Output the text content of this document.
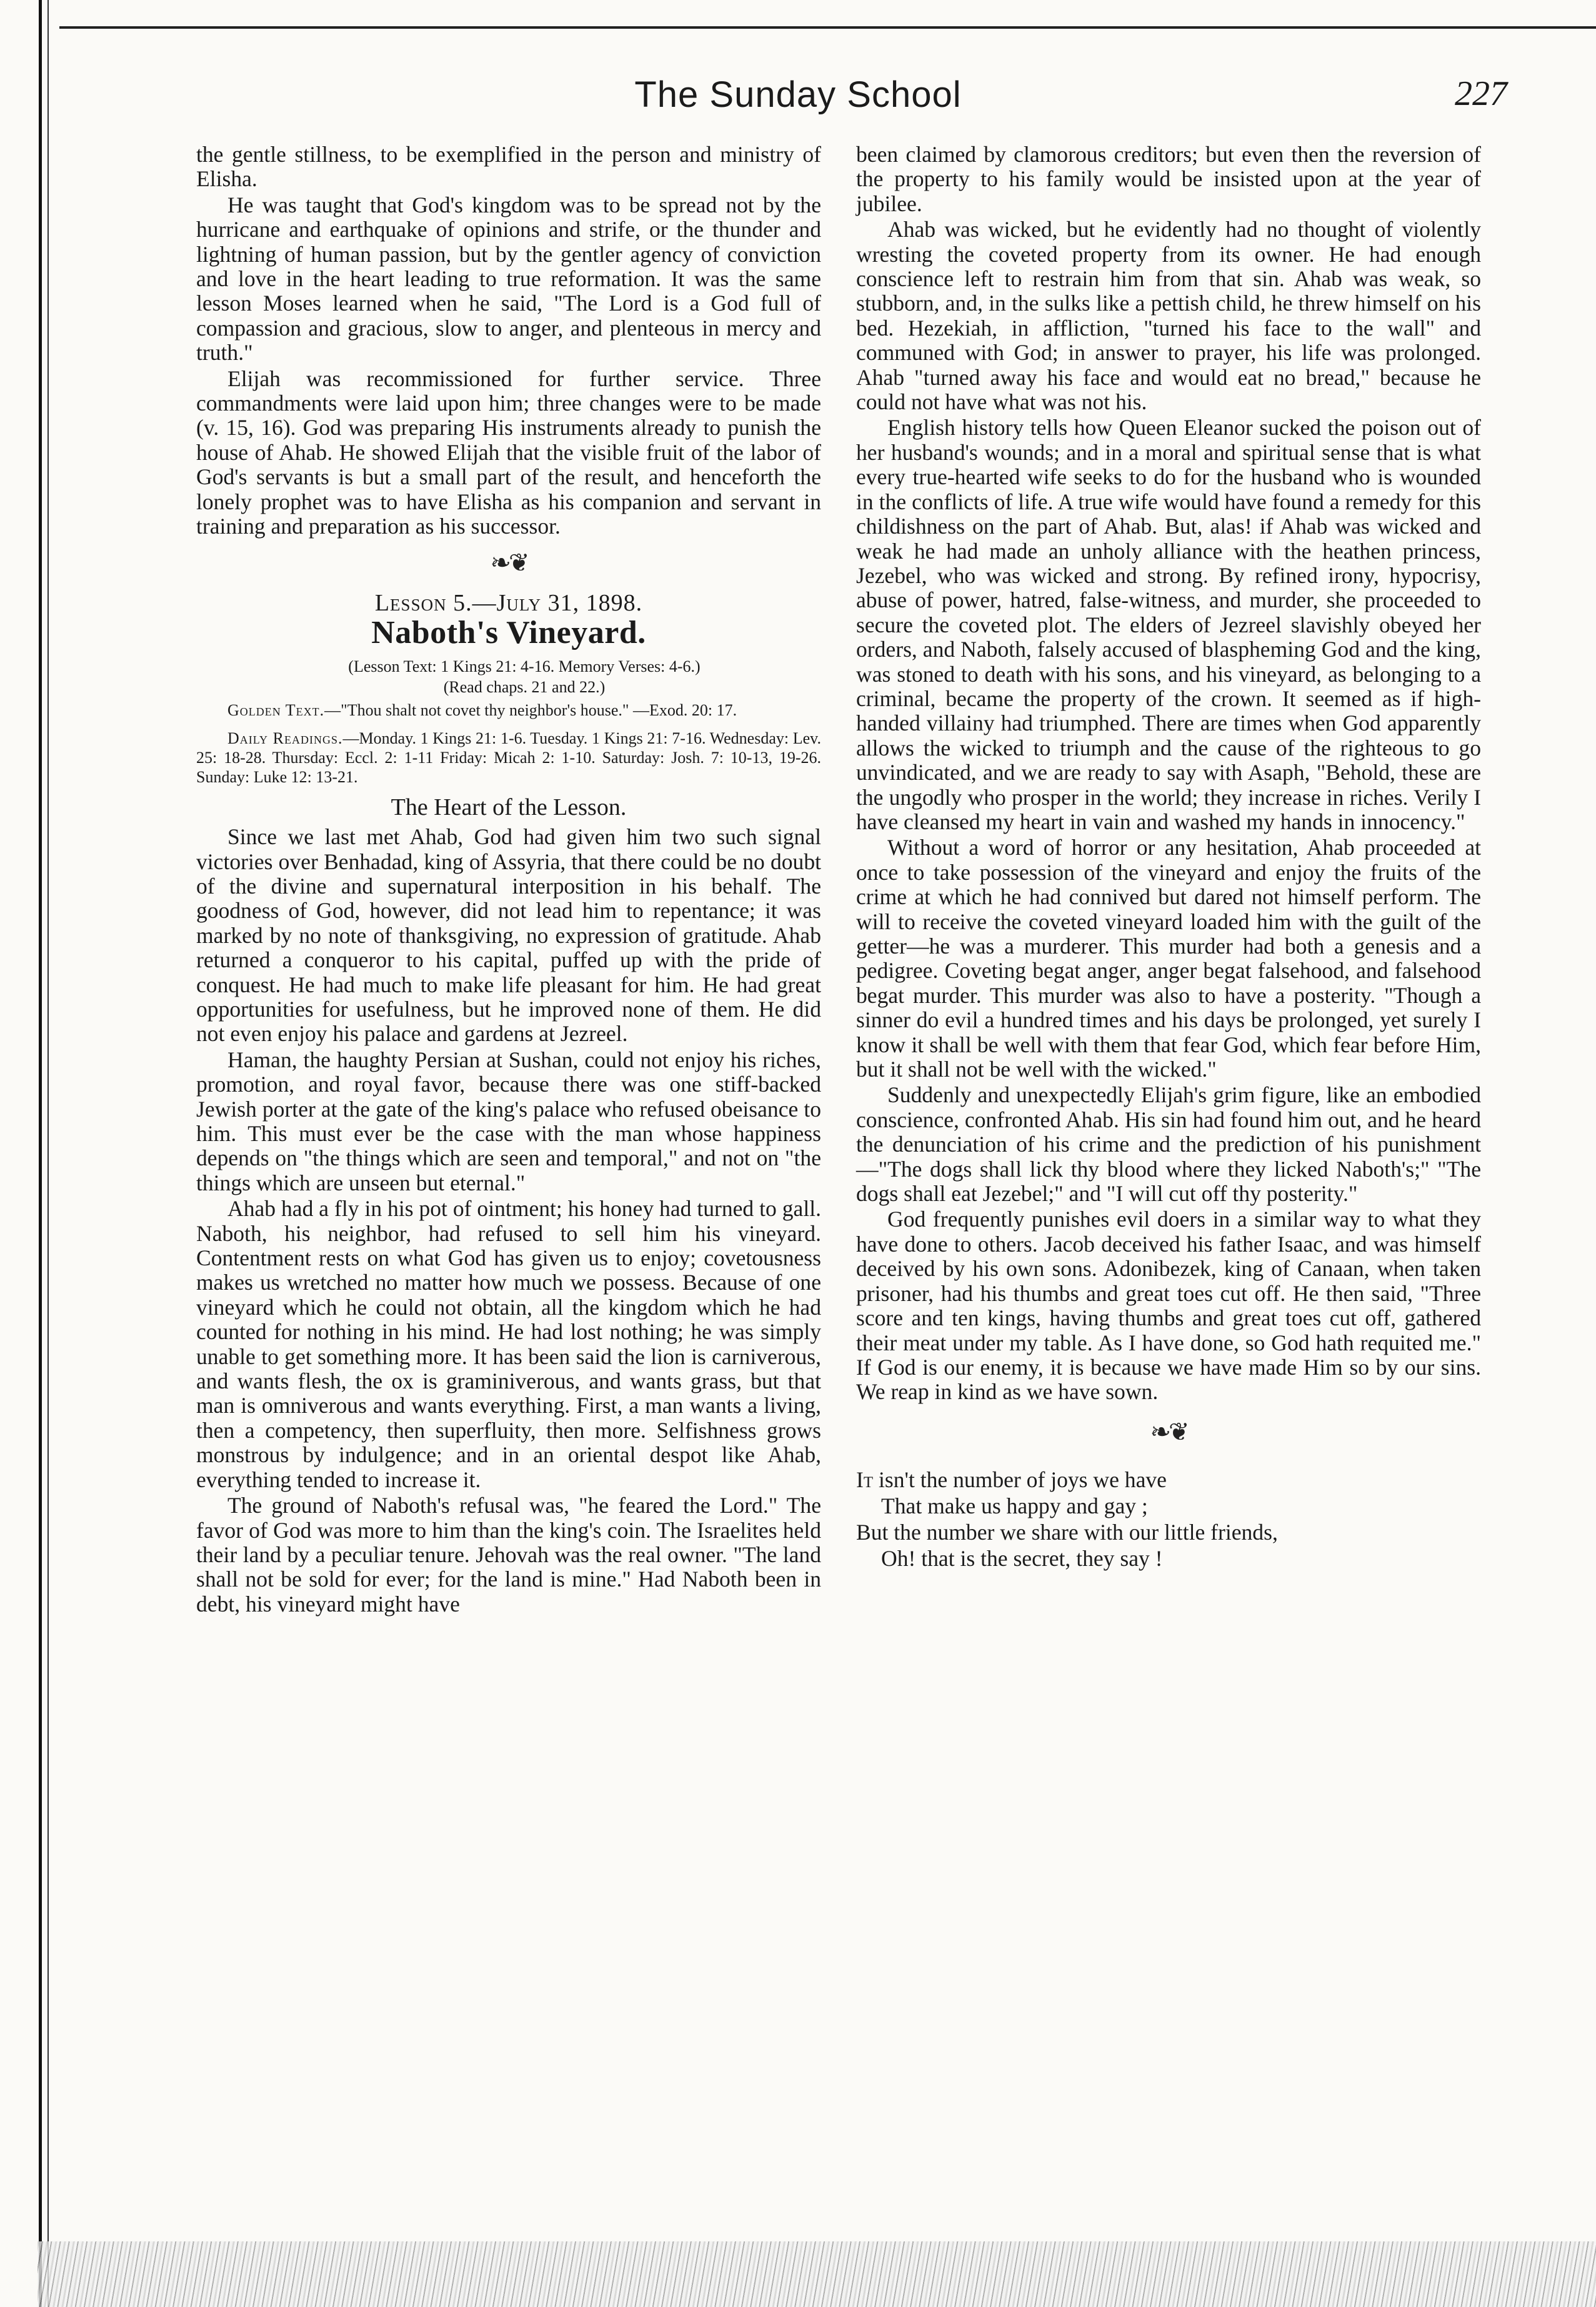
The Sunday School	227

the gentle stillness, to be exemplified in the person and ministry of Elisha.

He was taught that God's kingdom was to be spread not by the hurricane and earthquake of opinions and strife, or the thunder and lightning of human passion, but by the gentler agency of conviction and love in the heart leading to true reformation. It was the same lesson Moses learned when he said, "The Lord is a God full of compassion and gracious, slow to anger, and plenteous in mercy and truth."

Elijah was recommissioned for further service. Three commandments were laid upon him; three changes were to be made (v. 15, 16). God was preparing His instruments already to punish the house of Ahab. He showed Elijah that the visible fruit of the labor of God's servants is but a small part of the result, and henceforth the lonely prophet was to have Elisha as his companion and servant in training and preparation as his successor.

❧❦
Lesson 5.—July 31, 1898.
Naboth's Vineyard.

(Lesson Text: 1 Kings 21: 4-16. Memory Verses: 4-6.)

(Read chaps. 21 and 22.)

Golden Text.—"Thou shalt not covet thy neighbor's house." —Exod. 20: 17.

Daily Readings.—Monday. 1 Kings 21: 1-6. Tuesday. 1 Kings 21: 7-16. Wednesday: Lev. 25: 18-28. Thursday: Eccl. 2: 1-11 Friday: Micah 2: 1-10. Saturday: Josh. 7: 10-13, 19-26. Sunday: Luke 12: 13-21.

The Heart of the Lesson.

Since we last met Ahab, God had given him two such signal victories over Benhadad, king of Assyria, that there could be no doubt of the divine and supernatural interposition in his behalf. The goodness of God, however, did not lead him to repentance; it was marked by no note of thanksgiving, no expression of gratitude. Ahab returned a conqueror to his capital, puffed up with the pride of conquest. He had much to make life pleasant for him. He had great opportunities for usefulness, but he improved none of them. He did not even enjoy his palace and gardens at Jezreel.

Haman, the haughty Persian at Sushan, could not enjoy his riches, promotion, and royal favor, because there was one stiff-backed Jewish porter at the gate of the king's palace who refused obeisance to him. This must ever be the case with the man whose happiness depends on "the things which are seen and temporal," and not on "the things which are unseen but eternal."

Ahab had a fly in his pot of ointment; his honey had turned to gall. Naboth, his neighbor, had refused to sell him his vineyard. Contentment rests on what God has given us to enjoy; covetousness makes us wretched no matter how much we possess. Because of one vineyard which he could not obtain, all the kingdom which he had counted for nothing in his mind. He had lost nothing; he was simply unable to get something more. It has been said the lion is carniverous, and wants flesh, the ox is graminiverous, and wants grass, but that man is omniverous and wants everything. First, a man wants a living, then a competency, then superfluity, then more. Selfishness grows monstrous by indulgence; and in an oriental despot like Ahab, everything tended to increase it.

The ground of Naboth's refusal was, "he feared the Lord." The favor of God was more to him than the king's coin. The Israelites held their land by a peculiar tenure. Jehovah was the real owner. "The land shall not be sold for ever; for the land is mine." Had Naboth been in debt, his vineyard might have

been claimed by clamorous creditors; but even then the reversion of the property to his family would be insisted upon at the year of jubilee.

Ahab was wicked, but he evidently had no thought of violently wresting the coveted property from its owner. He had enough conscience left to restrain him from that sin. Ahab was weak, so stubborn, and, in the sulks like a pettish child, he threw himself on his bed. Hezekiah, in affliction, "turned his face to the wall" and communed with God; in answer to prayer, his life was prolonged. Ahab "turned away his face and would eat no bread," because he could not have what was not his.

English history tells how Queen Eleanor sucked the poison out of her husband's wounds; and in a moral and spiritual sense that is what every true-hearted wife seeks to do for the husband who is wounded in the conflicts of life. A true wife would have found a remedy for this childishness on the part of Ahab. But, alas! if Ahab was wicked and weak he had made an unholy alliance with the heathen princess, Jezebel, who was wicked and strong. By refined irony, hypocrisy, abuse of power, hatred, false-witness, and murder, she proceeded to secure the coveted plot. The elders of Jezreel slavishly obeyed her orders, and Naboth, falsely accused of blaspheming God and the king, was stoned to death with his sons, and his vineyard, as belonging to a criminal, became the property of the crown. It seemed as if high-handed villainy had triumphed. There are times when God apparently allows the wicked to triumph and the cause of the righteous to go unvindicated, and we are ready to say with Asaph, "Behold, these are the ungodly who prosper in the world; they increase in riches. Verily I have cleansed my heart in vain and washed my hands in innocency."

Without a word of horror or any hesitation, Ahab proceeded at once to take possession of the vineyard and enjoy the fruits of the crime at which he had connived but dared not himself perform. The will to receive the coveted vineyard loaded him with the guilt of the getter—he was a murderer. This murder had both a genesis and a pedigree. Coveting begat anger, anger begat falsehood, and falsehood begat murder. This murder was also to have a posterity. "Though a sinner do evil a hundred times and his days be prolonged, yet surely I know it shall be well with them that fear God, which fear before Him, but it shall not be well with the wicked."

Suddenly and unexpectedly Elijah's grim figure, like an embodied conscience, confronted Ahab. His sin had found him out, and he heard the denunciation of his crime and the prediction of his punishment—"The dogs shall lick thy blood where they licked Naboth's;" "The dogs shall eat Jezebel;" and "I will cut off thy posterity."

God frequently punishes evil doers in a similar way to what they have done to others. Jacob deceived his father Isaac, and was himself deceived by his own sons. Adonibezek, king of Canaan, when taken prisoner, had his thumbs and great toes cut off. He then said, "Three score and ten kings, having thumbs and great toes cut off, gathered their meat under my table. As I have done, so God hath requited me." If God is our enemy, it is because we have made Him so by our sins. We reap in kind as we have sown.

❧❦
It isn't the number of joys we have
That make us happy and gay ;
But the number we share with our little friends,
Oh! that is the secret, they say !
